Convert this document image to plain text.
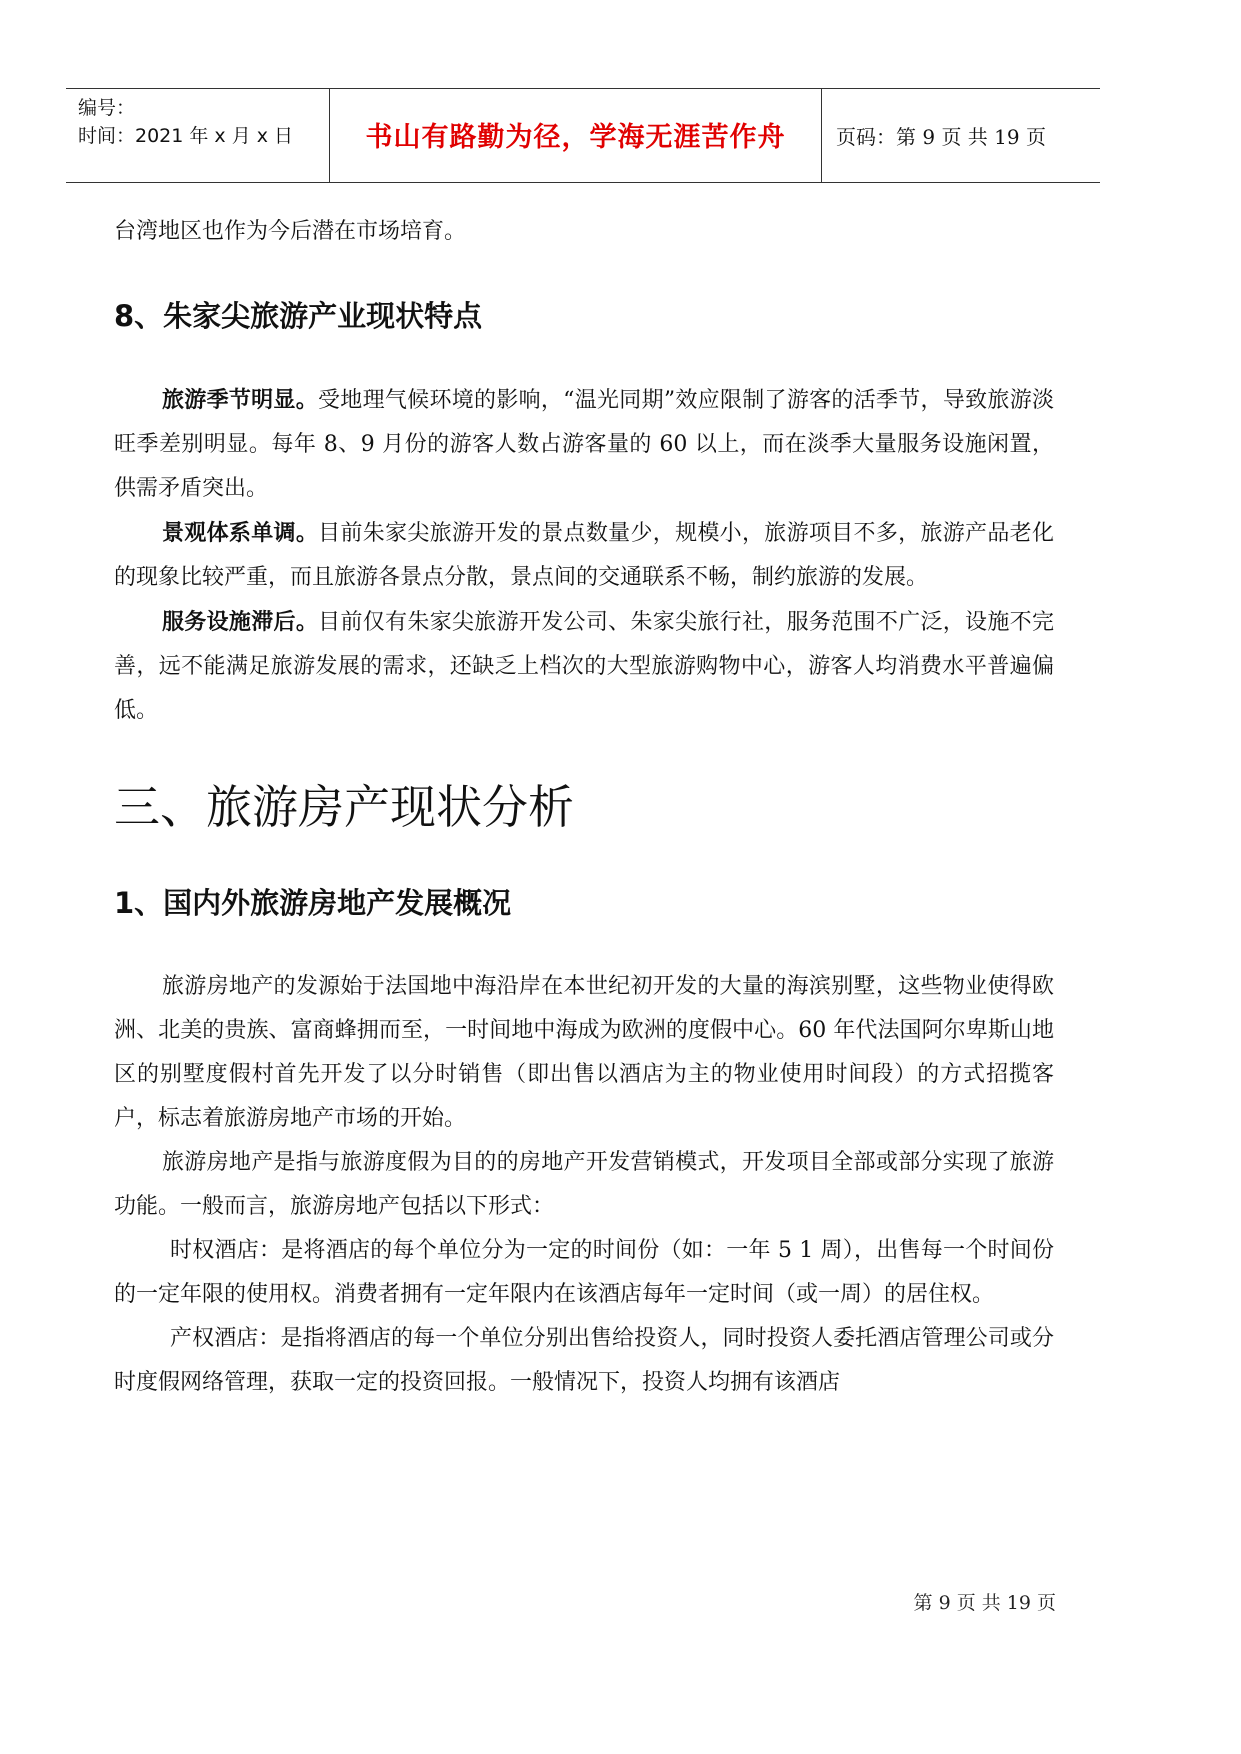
编号：
时间：2021 年 x 月 x 日	书山有路勤为径，学海无涯苦作舟	页码：第 9 页 共 19 页

台湾地区也作为今后潜在市场培育。

8、朱家尖旅游产业现状特点

旅游季节明显。受地理气候环境的影响，“温光同期”效应限制了游客的活季节，导致旅游淡旺季差别明显。每年 8、9 月份的游客人数占游客量的 60 以上，而在淡季大量服务设施闲置，供需矛盾突出。

景观体系单调。目前朱家尖旅游开发的景点数量少，规模小，旅游项目不多，旅游产品老化的现象比较严重，而且旅游各景点分散，景点间的交通联系不畅，制约旅游的发展。

服务设施滞后。目前仅有朱家尖旅游开发公司、朱家尖旅行社，服务范围不广泛，设施不完善，远不能满足旅游发展的需求，还缺乏上档次的大型旅游购物中心，游客人均消费水平普遍偏低。

三、旅游房产现状分析
1、国内外旅游房地产发展概况

旅游房地产的发源始于法国地中海沿岸在本世纪初开发的大量的海滨别墅，这些物业使得欧洲、北美的贵族、富商蜂拥而至，一时间地中海成为欧洲的度假中心。60 年代法国阿尔卑斯山地区的别墅度假村首先开发了以分时销售（即出售以酒店为主的物业使用时间段）的方式招揽客户，标志着旅游房地产市场的开始。

旅游房地产是指与旅游度假为目的的房地产开发营销模式，开发项目全部或部分实现了旅游功能。一般而言，旅游房地产包括以下形式：

时权酒店：是将酒店的每个单位分为一定的时间份（如：一年 5 1 周），出售每一个时间份的一定年限的使用权。消费者拥有一定年限内在该酒店每年一定时间（或一周）的居住权。

产权酒店：是指将酒店的每一个单位分别出售给投资人，同时投资人委托酒店管理公司或分时度假网络管理，获取一定的投资回报。一般情况下，投资人均拥有该酒店

第 9 页 共 19 页
